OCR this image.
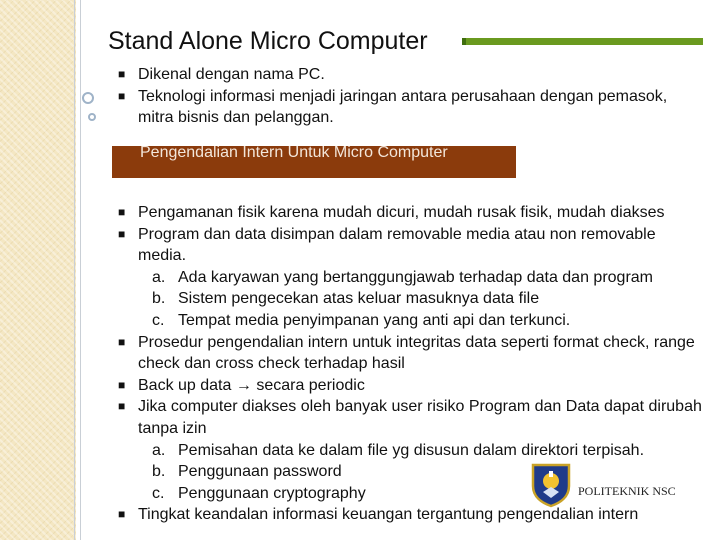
Stand Alone Micro Computer
■ Dikenal dengan nama PC.
■ Teknologi informasi menjadi jaringan antara perusahaan dengan pemasok, mitra bisnis dan pelanggan.
Pengendalian Intern Untuk Micro Computer
■ Pengamanan fisik karena mudah dicuri, mudah rusak fisik, mudah diakses
■ Program dan data disimpan dalam removable media atau non removable media.
a. Ada karyawan yang bertanggungjawab terhadap data dan program
b. Sistem pengecekan atas keluar masuknya data file
c. Tempat media penyimpanan yang anti api dan terkunci.
■ Prosedur pengendalian intern untuk integritas data seperti format check, range check dan cross check terhadap hasil
■ Back up data → secara periodic
■ Jika computer diakses oleh banyak user risiko Program dan Data dapat dirubah tanpa izin
a. Pemisahan data ke dalam file yg disusun dalam direktori terpisah.
b. Penggunaan password
c. Penggunaan cryptography
■ Tingkat keandalan informasi keuangan tergantung pengendalian intern
POLITEKNIK NSC
